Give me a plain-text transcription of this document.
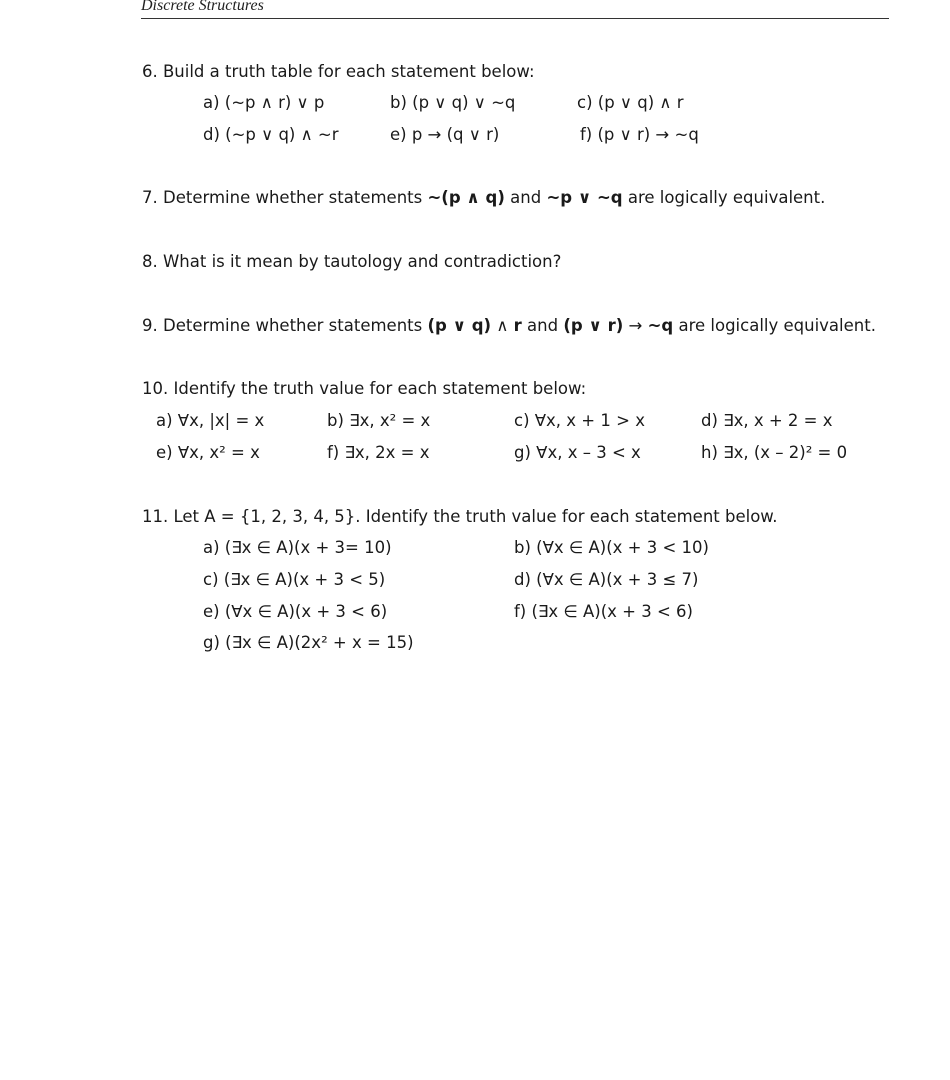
Discrete Structures
6. Build a truth table for each statement below:
a) (~p ∧ r) ∨ p	b) (p ∨ q) ∨ ~q	c) (p ∨ q) ∧ r
d) (~p ∨ q) ∧ ~r	e) p → (q ∨ r)	f) (p ∨ r) → ~q
7. Determine whether statements ~(p ∧ q) and ~p ∨ ~q are logically equivalent.
8. What is it mean by tautology and contradiction?
9. Determine whether statements (p ∨ q) ∧ r and (p ∨ r) → ~q are logically equivalent.
10. Identify the truth value for each statement below:
a) ∀x, |x| = x	b) ∃x, x² = x	c) ∀x, x + 1 > x	d) ∃x, x + 2 = x
e) ∀x, x² = x	f) ∃x, 2x = x	g) ∀x, x – 3 < x	h) ∃x, (x – 2)² = 0
11. Let A = {1, 2, 3, 4, 5}. Identify the truth value for each statement below.
a) (∃x ∈ A)(x + 3= 10)	b) (∀x ∈ A)(x + 3 < 10)
c) (∃x ∈ A)(x + 3 < 5)	d) (∀x ∈ A)(x + 3 ≤ 7)
e) (∀x ∈ A)(x + 3 < 6)	f) (∃x ∈ A)(x + 3 < 6)
g) (∃x ∈ A)(2x² + x = 15)
